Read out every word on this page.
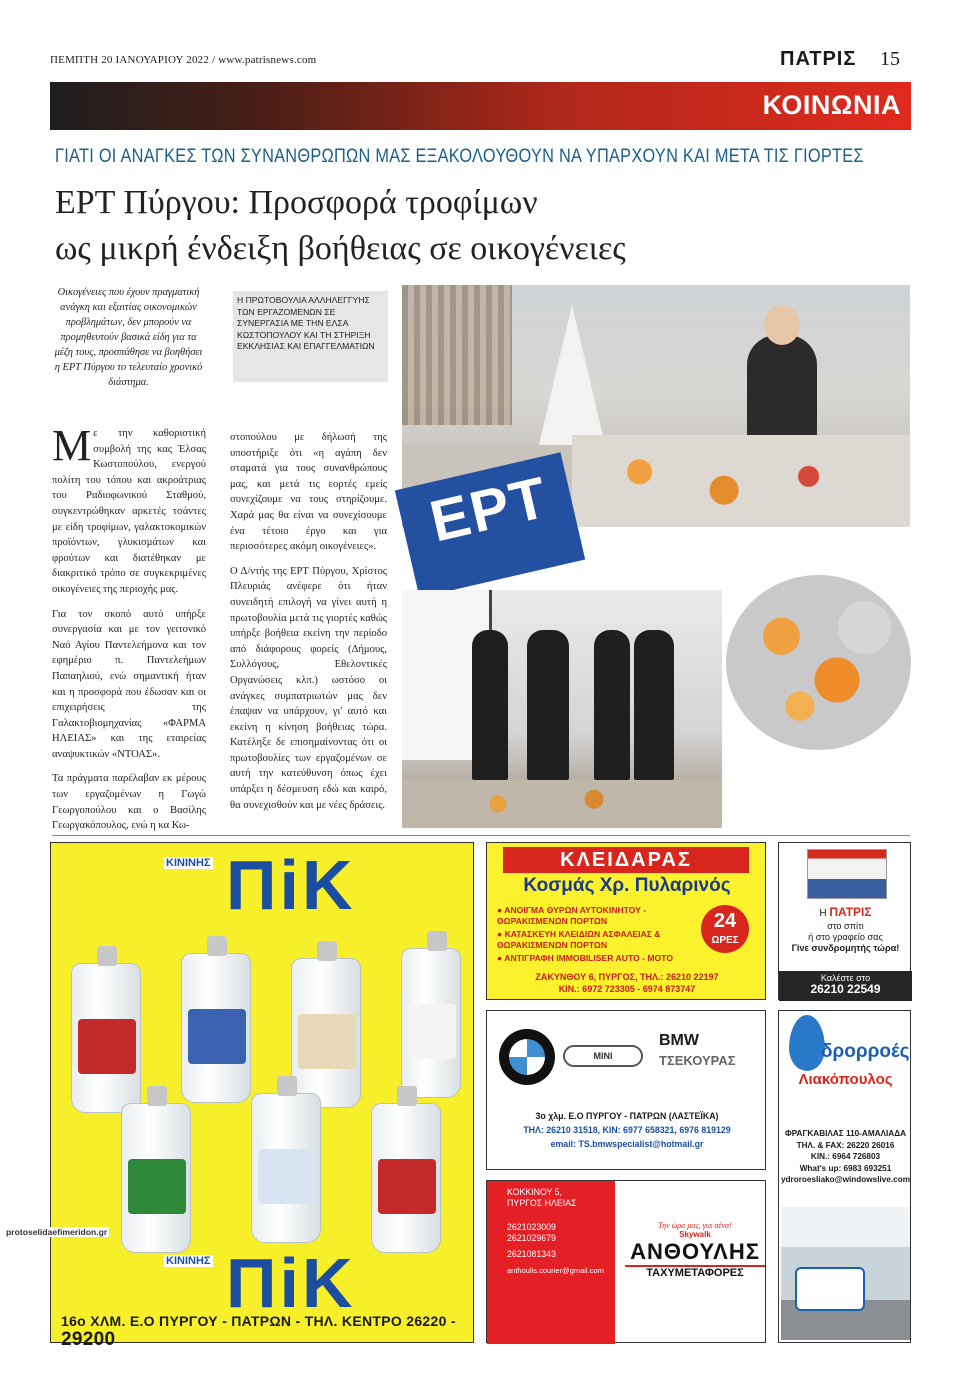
ΠΕΜΠΤΗ 20 ΙΑΝΟΥΑΡΙΟΥ 2022 / www.patrisnews.com	ΠΑΤΡΙΣ 15
ΚΟΙΝΩΝΙΑ
ΓΙΑΤΙ ΟΙ ΑΝΑΓΚΕΣ ΤΩΝ ΣΥΝΑΝΘΡΩΠΩΝ ΜΑΣ ΕΞΑΚΟΛΟΥΘΟΥΝ ΝΑ ΥΠΑΡΧΟΥΝ ΚΑΙ ΜΕΤΑ ΤΙΣ ΓΙΟΡΤΕΣ
ΕΡΤ Πύργου: Προσφορά τροφίμων
ως μικρή ένδειξη βοήθειας σε οικογένειες
Οικογένειες που έχουν πραγματική ανάγκη και εξαιτίας οικονομικών προβλημάτων, δεν μπορούν να προμηθευτούν βασικά είδη για τα μέζη τους, προσπάθησε να βοηθήσει η ΕΡΤ Πύργου το τελευταίο χρονικό διάστημα.
Η ΠΡΩΤΟΒΟΥΛΙΑ ΑΛΛΗΛΕΓΓΥΗΣ ΤΩΝ ΕΡΓΑΖΟΜΕΝΩΝ ΣΕ ΣΥΝΕΡΓΑΣΙΑ ΜΕ ΤΗΝ ΕΛΣΑ ΚΩΣΤΟΠΟΥΛΟΥ ΚΑΙ ΤΗ ΣΤΗΡΙΞΗ ΕΚΚΛΗΣΙΑΣ ΚΑΙ ΕΠΑΓΓΕΛΜΑΤΙΩΝ

Με την καθοριστική συμβολή της κας Έλσας Κωστοπούλου, ενεργού πολίτη του τόπου και ακροάτριας του Ραδιοφωνικού Σταθμού, συγκεντρώθηκαν αρκετές τσάντες με είδη τροφίμων, γαλακτοκομικών προϊόντων, γλυκισμάτων και φρούτων και διατέθηκαν με διακριτικό τρόπο σε συγκεκριμένες οικογένειες της περιοχής μας.

Για τον σκοπό αυτό υπήρξε συνεργασία και με τον γειτονικό Ναό Αγίου Παντελεήμονα και τον εφημέριο π. Παντελεήμων Παπαηλιού, ενώ σημαντική ήταν και η προσφορά που έδωσαν και οι επιχειρήσεις της Γαλακτοβιομηχανίας «ΦΑΡΜΑ ΗΛΕΙΑΣ» και της εταιρείας αναψυκτικών «ΝΤΟΑΣ».

Τα πράγματα παρέλαβαν εκ μέρους των εργαζομένων η Γωγώ Γεωργοπούλου και ο Βασίλης Γεωργακόπουλος, ενώ η κα Κω-

στοπούλου με δήλωσή της υποστήριξε ότι «η αγάπη δεν σταματά για τους συνανθρώπους μας, και μετά τις εορτές εμείς συνεχίζουμε να τους στηρίζουμε. Χαρά μας θα είναι να συνεχίσουμε ένα τέτοιο έργο και για περισσότερες ακόμη οικογένειες».

Ο Δ/ντής της ΕΡΤ Πύργου, Χρίστος Πλευριάς ανέφερε ότι ήταν συνειδητή επιλογή να γίνει αυτή η πρωτοβουλία μετά τις γιορτές καθώς υπήρξε βοήθεια εκείνη την περίοδο από διάφορους φορείς (Δήμους, Συλλόγους, Εθελοντικές Οργανώσεις κλπ.) ωστόσο οι ανάγκες συμπατριωτών μας δεν έπαψαν να υπάρχουν, γι' αυτό και εκείνη η κίνηση βοήθειας τώρα. Κατέληξε δε επισημαίνοντας ότι οι πρωτοβουλίες των εργαζομένων σε αυτή την κατεύθυνση όπως έχει υπάρξει η δέσμευση εδώ και καιρό, θα συνεχισθούν και με νέες δράσεις.

ΕΡΤ
ΚΙΝΙΝΗΣ ΠiΚ
ΚΙΝΙΝΗΣ ΠiΚ
16ο ΧΛΜ. Ε.Ο ΠΥΡΓΟΥ - ΠΑΤΡΩΝ - ΤΗΛ. ΚΕΝΤΡΟ 26220 - 29200
ΚΛΕΙΔΑΡΑΣ
Κοσμάς Χρ. Πυλαρινός
● ΑΝΟΙΓΜΑ ΘΥΡΩΝ ΑΥΤΟΚΙΝΗΤΟΥ - ΘΩΡΑΚΙΣΜΕΝΩΝ ΠΟΡΤΩΝ
● ΚΑΤΑΣΚΕΥΗ ΚΛΕΙΔΙΩΝ ΑΣΦΑΛΕΙΑΣ & ΘΩΡΑΚΙΣΜΕΝΩΝ ΠΟΡΤΩΝ
● ΑΝΤΙΓΡΑΦΗ IMMOBILISER AUTO - MOTO
24
ΩΡΕΣ
ΖΑΚΥΝΘΟΥ 6, ΠΥΡΓΟΣ, ΤΗΛ.: 26210 22197
ΚΙΝ.: 6972 723305 - 6974 873747
Η ΠΑΤΡΙΣ
στο σπίτι
ή στο γραφείο σας
Γίνε συνδρομητής τώρα!
Καλέστε στο
26210 22549
MINI
BMW
ΤΣΕΚΟΥΡΑΣ
3ο χλμ. Ε.Ο ΠΥΡΓΟΥ - ΠΑΤΡΩΝ (ΛΑΣΤΕΪΚΑ)
ΤΗΛ: 26210 31518, ΚΙΝ: 6977 658321, 6976 819129
email: TS.bmwspecialist@hotmail.gr
δρορροές
Λιακόπουλος
ΦΡΑΓΚΑΒΙΛΑΣ 110-ΑΜΑΛΙΑΔΑ
ΤΗΛ. & FAX: 26220 26016
ΚΙΝ.: 6964 726803
What's up: 6983 693251
ydroroesliako@windowslive.com
ΚΟΚΚΙΝΟΥ 5,
ΠΥΡΓΟΣ ΗΛΕΙΑΣ
2621023009
2621029679
2621081343
anthoulis.courier@gmail.com
Την ώρα μας, για σένα!
Skywalk
ΑΝΘΟΥΛΗΣ
ΤΑΧΥΜΕΤΑΦΟΡΕΣ
protoselidaefimeridon.gr
